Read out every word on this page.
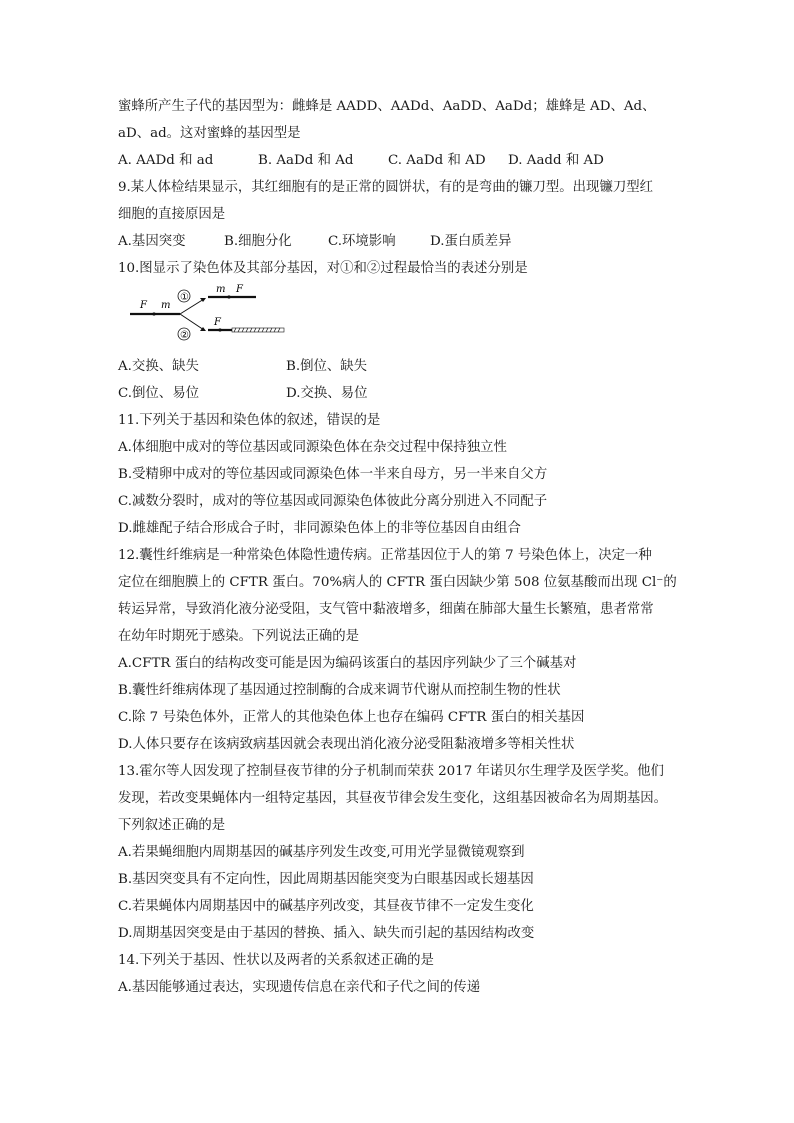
蜜蜂所产生子代的基因型为：雌蜂是 AADD、AADd、AaDD、AaDd；雄蜂是 AD、Ad、
aD、ad。这对蜜蜂的基因型是
A. AADd 和 ad	B. AaDd 和 Ad	C. AaDd 和 AD	D. Aadd 和 AD
9.某人体检结果显示，其红细胞有的是正常的圆饼状，有的是弯曲的镰刀型。出现镰刀型红
细胞的直接原因是
A.基因突变	B.细胞分化	C.环境影响	D.蛋白质差异
10.图显示了染色体及其部分基因，对①和②过程最恰当的表述分别是
F m
①
②
m F
F
A.交换、缺失	B.倒位、缺失
C.倒位、易位	D.交换、易位
11.下列关于基因和染色体的叙述，错误的是
A.体细胞中成对的等位基因或同源染色体在杂交过程中保持独立性
B.受精卵中成对的等位基因或同源染色体一半来自母方，另一半来自父方
C.减数分裂时，成对的等位基因或同源染色体彼此分离分别进入不同配子
D.雌雄配子结合形成合子时，非同源染色体上的非等位基因自由组合
12.囊性纤维病是一种常染色体隐性遗传病。正常基因位于人的第 7 号染色体上，决定一种
定位在细胞膜上的 CFTR 蛋白。70%病人的 CFTR 蛋白因缺少第 508 位氨基酸而出现 Cl⁻的
转运异常，导致消化液分泌受阻，支气管中黏液增多，细菌在肺部大量生长繁殖，患者常常
在幼年时期死于感染。下列说法正确的是
A.CFTR 蛋白的结构改变可能是因为编码该蛋白的基因序列缺少了三个碱基对
B.囊性纤维病体现了基因通过控制酶的合成来调节代谢从而控制生物的性状
C.除 7 号染色体外，正常人的其他染色体上也存在编码 CFTR 蛋白的相关基因
D.人体只要存在该病致病基因就会表现出消化液分泌受阻黏液增多等相关性状
13.霍尔等人因发现了控制昼夜节律的分子机制而荣获 2017 年诺贝尔生理学及医学奖。他们
发现，若改变果蝇体内一组特定基因，其昼夜节律会发生变化，这组基因被命名为周期基因。
下列叙述正确的是
A.若果蝇细胞内周期基因的碱基序列发生改变,可用光学显微镜观察到
B.基因突变具有不定向性，因此周期基因能突变为白眼基因或长翅基因
C.若果蝇体内周期基因中的碱基序列改变，其昼夜节律不一定发生变化
D.周期基因突变是由于基因的替换、插入、缺失而引起的基因结构改变
14.下列关于基因、性状以及两者的关系叙述正确的是
A.基因能够通过表达，实现遗传信息在亲代和子代之间的传递
